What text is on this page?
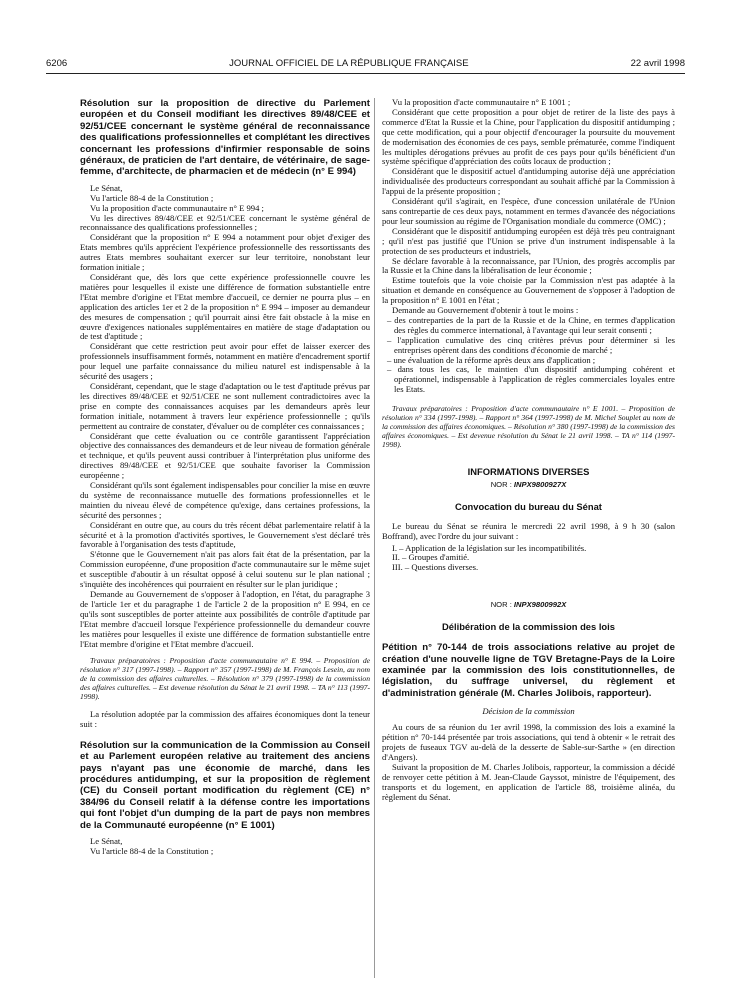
6206	JOURNAL OFFICIEL DE LA RÉPUBLIQUE FRANÇAISE	22 avril 1998
Résolution sur la proposition de directive du Parlement européen et du Conseil modifiant les directives 89/48/CEE et 92/51/CEE concernant le système général de reconnaissance des qualifications professionnelles et complétant les directives concernant les professions d'infirmier responsable de soins généraux, de praticien de l'art dentaire, de vétérinaire, de sage-femme, d'architecte, de pharmacien et de médecin (n° E 994)

Le Sénat,

Vu l'article 88-4 de la Constitution ;

Vu la proposition d'acte communautaire n° E 994 ;

Vu les directives 89/48/CEE et 92/51/CEE concernant le système général de reconnaissance des qualifications professionnelles ;

Considérant que la proposition n° E 994 a notamment pour objet d'exiger des Etats membres qu'ils apprécient l'expérience professionnelle des ressortissants des autres Etats membres souhaitant exercer sur leur territoire, nonobstant leur formation initiale ;

Considérant que, dès lors que cette expérience professionnelle couvre les matières pour lesquelles il existe une différence de formation substantielle entre l'Etat membre d'origine et l'Etat membre d'accueil, ce dernier ne pourra plus – en application des articles 1er et 2 de la proposition n° E 994 – imposer au demandeur des mesures de compensation ; qu'il pourrait ainsi être fait obstacle à la mise en œuvre d'exigences nationales supplémentaires en matière de stage d'adaptation ou de test d'aptitude ;

Considérant que cette restriction peut avoir pour effet de laisser exercer des professionnels insuffisamment formés, notamment en matière d'encadrement sportif pour lequel une parfaite connaissance du milieu naturel est indispensable à la sécurité des usagers ;

Considérant, cependant, que le stage d'adaptation ou le test d'aptitude prévus par les directives 89/48/CEE et 92/51/CEE ne sont nullement contradictoires avec la prise en compte des connaissances acquises par les demandeurs après leur formation initiale, notamment à travers leur expérience professionnelle ; qu'ils permettent au contraire de constater, d'évaluer ou de compléter ces connaissances ;

Considérant que cette évaluation ou ce contrôle garantissent l'appréciation objective des connaissances des demandeurs et de leur niveau de formation générale et technique, et qu'ils peuvent aussi contribuer à l'interprétation plus uniforme des directives 89/48/CEE et 92/51/CEE que souhaite favoriser la Commission européenne ;

Considérant qu'ils sont également indispensables pour concilier la mise en œuvre du système de reconnaissance mutuelle des formations professionnelles et le maintien du niveau élevé de compétence qu'exige, dans certaines professions, la sécurité des personnes ;

Considérant en outre que, au cours du très récent débat parlementaire relatif à la sécurité et à la promotion d'activités sportives, le Gouvernement s'est déclaré très favorable à l'organisation des tests d'aptitude,

S'étonne que le Gouvernement n'ait pas alors fait état de la présentation, par la Commission européenne, d'une proposition d'acte communautaire sur le même sujet et susceptible d'aboutir à un résultat opposé à celui soutenu sur le plan national ; s'inquiète des incohérences qui pourraient en résulter sur le plan juridique ;

Demande au Gouvernement de s'opposer à l'adoption, en l'état, du paragraphe 3 de l'article 1er et du paragraphe 1 de l'article 2 de la proposition n° E 994, en ce qu'ils sont susceptibles de porter atteinte aux possibilités de contrôle d'aptitude par l'Etat membre d'accueil lorsque l'expérience professionnelle du demandeur couvre les matières pour lesquelles il existe une différence de formation substantielle entre l'Etat membre d'origine et l'Etat membre d'accueil.

Travaux préparatoires : Proposition d'acte communautaire n° E 994. – Proposition de résolution n° 317 (1997-1998). – Rapport n° 357 (1997-1998) de M. François Lesein, au nom de la commission des affaires culturelles. – Résolution n° 379 (1997-1998) de la commission des affaires culturelles. – Est devenue résolution du Sénat le 21 avril 1998. – TA n° 113 (1997-1998).

La résolution adoptée par la commission des affaires économiques dont la teneur suit :

Résolution sur la communication de la Commission au Conseil et au Parlement européen relative au traitement des anciens pays n'ayant pas une économie de marché, dans les procédures antidumping, et sur la proposition de règlement (CE) du Conseil portant modification du règlement (CE) n° 384/96 du Conseil relatif à la défense contre les importations qui font l'objet d'un dumping de la part de pays non membres de la Communauté européenne (n° E 1001)

Le Sénat,

Vu l'article 88-4 de la Constitution ;

Vu la proposition d'acte communautaire n° E 1001 ;

Considérant que cette proposition a pour objet de retirer de la liste des pays à commerce d'Etat la Russie et la Chine, pour l'application du dispositif antidumping ; que cette modification, qui a pour objectif d'encourager la poursuite du mouvement de modernisation des économies de ces pays, semble prématurée, comme l'indiquent les multiples dérogations prévues au profit de ces pays pour qu'ils bénéficient d'un système spécifique d'appréciation des coûts locaux de production ;

Considérant que le dispositif actuel d'antidumping autorise déjà une appréciation individualisée des producteurs correspondant au souhait affiché par la Commission à l'appui de la présente proposition ;

Considérant qu'il s'agirait, en l'espèce, d'une concession unilatérale de l'Union sans contrepartie de ces deux pays, notamment en termes d'avancée des négociations pour leur soumission au régime de l'Organisation mondiale du commerce (OMC) ;

Considérant que le dispositif antidumping européen est déjà très peu contraignant ; qu'il n'est pas justifié que l'Union se prive d'un instrument indispensable à la protection de ses producteurs et industriels,

Se déclare favorable à la reconnaissance, par l'Union, des progrès accomplis par la Russie et la Chine dans la libéralisation de leur économie ;

Estime toutefois que la voie choisie par la Commission n'est pas adaptée à la situation et demande en conséquence au Gouvernement de s'opposer à l'adoption de la proposition n° E 1001 en l'état ;

Demande au Gouvernement d'obtenir à tout le moins :

– des contreparties de la part de la Russie et de la Chine, en termes d'application des règles du commerce international, à l'avantage qui leur serait consenti ;
– l'application cumulative des cinq critères prévus pour déterminer si les entreprises opèrent dans des conditions d'économie de marché ;
– une évaluation de la réforme après deux ans d'application ;
– dans tous les cas, le maintien d'un dispositif antidumping cohérent et opérationnel, indispensable à l'application de règles commerciales loyales entre les Etats.
Travaux préparatoires : Proposition d'acte communautaire n° E 1001. – Proposition de résolution n° 334 (1997-1998). – Rapport n° 364 (1997-1998) de M. Michel Souplet au nom de la commission des affaires économiques. – Résolution n° 380 (1997-1998) de la commission des affaires économiques. – Est devenue résolution du Sénat le 21 avril 1998. – TA n° 114 (1997-1998).
INFORMATIONS DIVERSES
NOR : INPX9800927X
Convocation du bureau du Sénat

Le bureau du Sénat se réunira le mercredi 22 avril 1998, à 9 h 30 (salon Boffrand), avec l'ordre du jour suivant :

I. – Application de la législation sur les incompatibilités.
II. – Groupes d'amitié.
III. – Questions diverses.
NOR : INPX9800992X
Délibération de la commission des lois
Pétition n° 70-144 de trois associations relative au projet de création d'une nouvelle ligne de TGV Bretagne-Pays de la Loire examinée par la commission des lois constitutionnelles, de législation, du suffrage universel, du règlement et d'administration générale (M. Charles Jolibois, rapporteur).

Décision de la commission

Au cours de sa réunion du 1er avril 1998, la commission des lois a examiné la pétition n° 70-144 présentée par trois associations, qui tend à obtenir « le retrait des projets de fuseaux TGV au-delà de la desserte de Sable-sur-Sarthe » (en direction d'Angers).

Suivant la proposition de M. Charles Jolibois, rapporteur, la commission a décidé de renvoyer cette pétition à M. Jean-Claude Gayssot, ministre de l'équipement, des transports et du logement, en application de l'article 88, troisième alinéa, du règlement du Sénat.
